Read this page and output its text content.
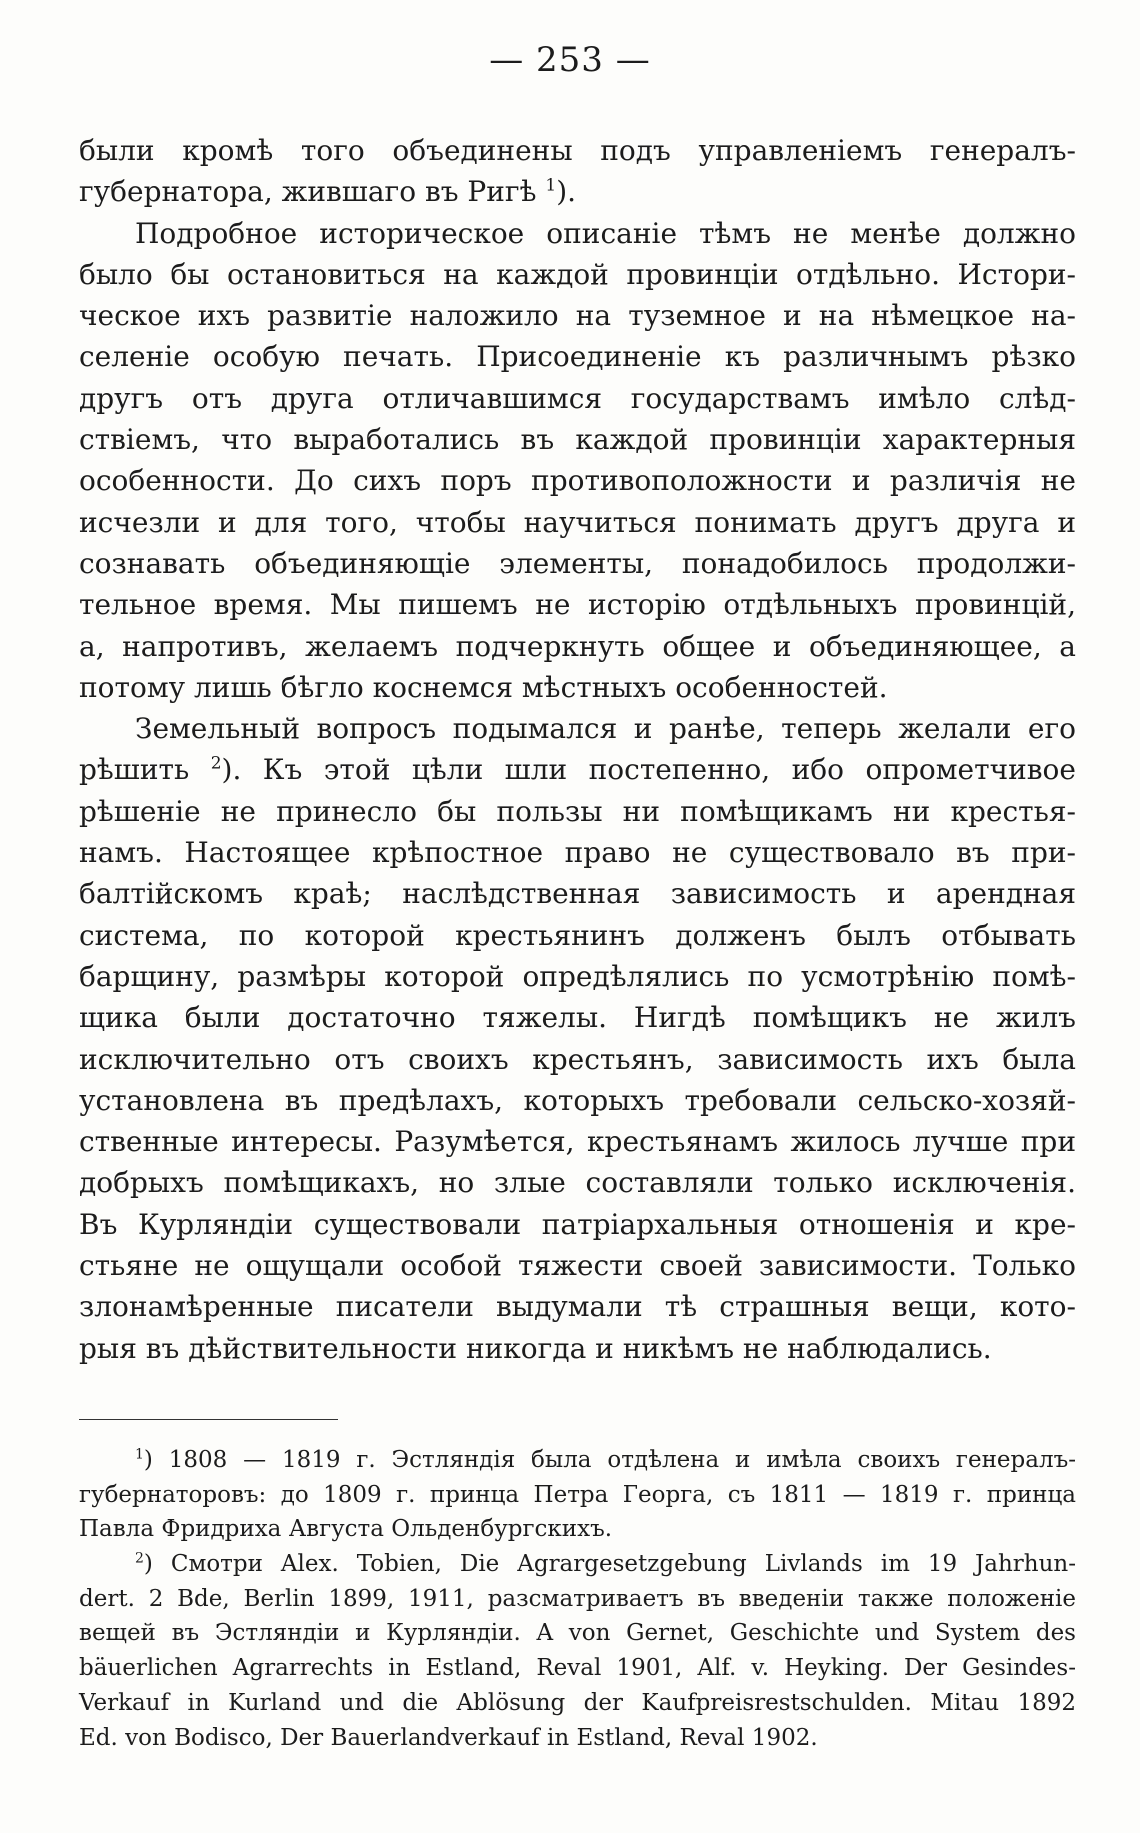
— 253 —
были кромѣ того объединены подъ управленіемъ генералъ-
губернатора, жившаго въ Ригѣ $^1$).
Подробное историческое описаніе тѣмъ не менѣе должно
было бы остановиться на каждой провинціи отдѣльно. Истори-
ческое ихъ развитіе наложило на туземное и на нѣмецкое на-
селеніе особую печать. Присоединеніе къ различнымъ рѣзко
другъ отъ друга отличавшимся государствамъ имѣло слѣд-
ствіемъ, что выработались въ каждой провинціи характерныя
особенности. До сихъ поръ противоположности и различія не
исчезли и для того, чтобы научиться понимать другъ друга и
сознавать объединяющіе элементы, понадобилось продолжи-
тельное время. Мы пишемъ не исторію отдѣльныхъ провинцій,
а, напротивъ, желаемъ подчеркнуть общее и объединяющее, а
потому лишь бѣгло коснемся мѣстныхъ особенностей.
Земельный вопросъ подымался и ранѣе, теперь желали его
рѣшить $^2$). Къ этой цѣли шли постепенно, ибо опрометчивое
рѣшеніе не принесло бы пользы ни помѣщикамъ ни крестья-
намъ. Настоящее крѣпостное право не существовало въ при-
балтійскомъ краѣ; наслѣдственная зависимость и арендная
система, по которой крестьянинъ долженъ былъ отбывать
барщину, размѣры которой опредѣлялись по усмотрѣнію помѣ-
щика были достаточно тяжелы. Нигдѣ помѣщикъ не жилъ
исключительно отъ своихъ крестьянъ, зависимость ихъ была
установлена въ предѣлахъ, которыхъ требовали сельско-хозяй-
ственные интересы. Разумѣется, крестьянамъ жилось лучше при
добрыхъ помѣщикахъ, но злые составляли только исключенія.
Въ Курляндіи существовали патріархальныя отношенія и кре-
стьяне не ощущали особой тяжести своей зависимости. Только
злонамѣренные писатели выдумали тѣ страшныя вещи, кото-
рыя въ дѣйствительности никогда и никѣмъ не наблюдались.
$^1$) 1808 — 1819 г. Эстляндія была отдѣлена и имѣла своихъ генералъ-
губернаторовъ: до 1809 г. принца Петра Георга, съ 1811 — 1819 г. принца
Павла Фридриха Августа Ольденбургскихъ.
$^2$) Смотри Alex. Tobien, Die Agrargesetzgebung Livlands im 19 Jahrhun-
dert. 2 Bde, Berlin 1899, 1911, разсматриваетъ въ введеніи также положеніе
вещей въ Эстляндіи и Курляндіи. A von Gernet, Geschichte und System des
bäuerlichen Agrarrechts in Estland, Reval 1901, Alf. v. Heyking. Der Gesindes-
Verkauf in Kurland und die Ablösung der Kaufpreisrestschulden. Mitau 1892
Ed. von Bodisco, Der Bauerlandverkauf in Estland, Reval 1902.
